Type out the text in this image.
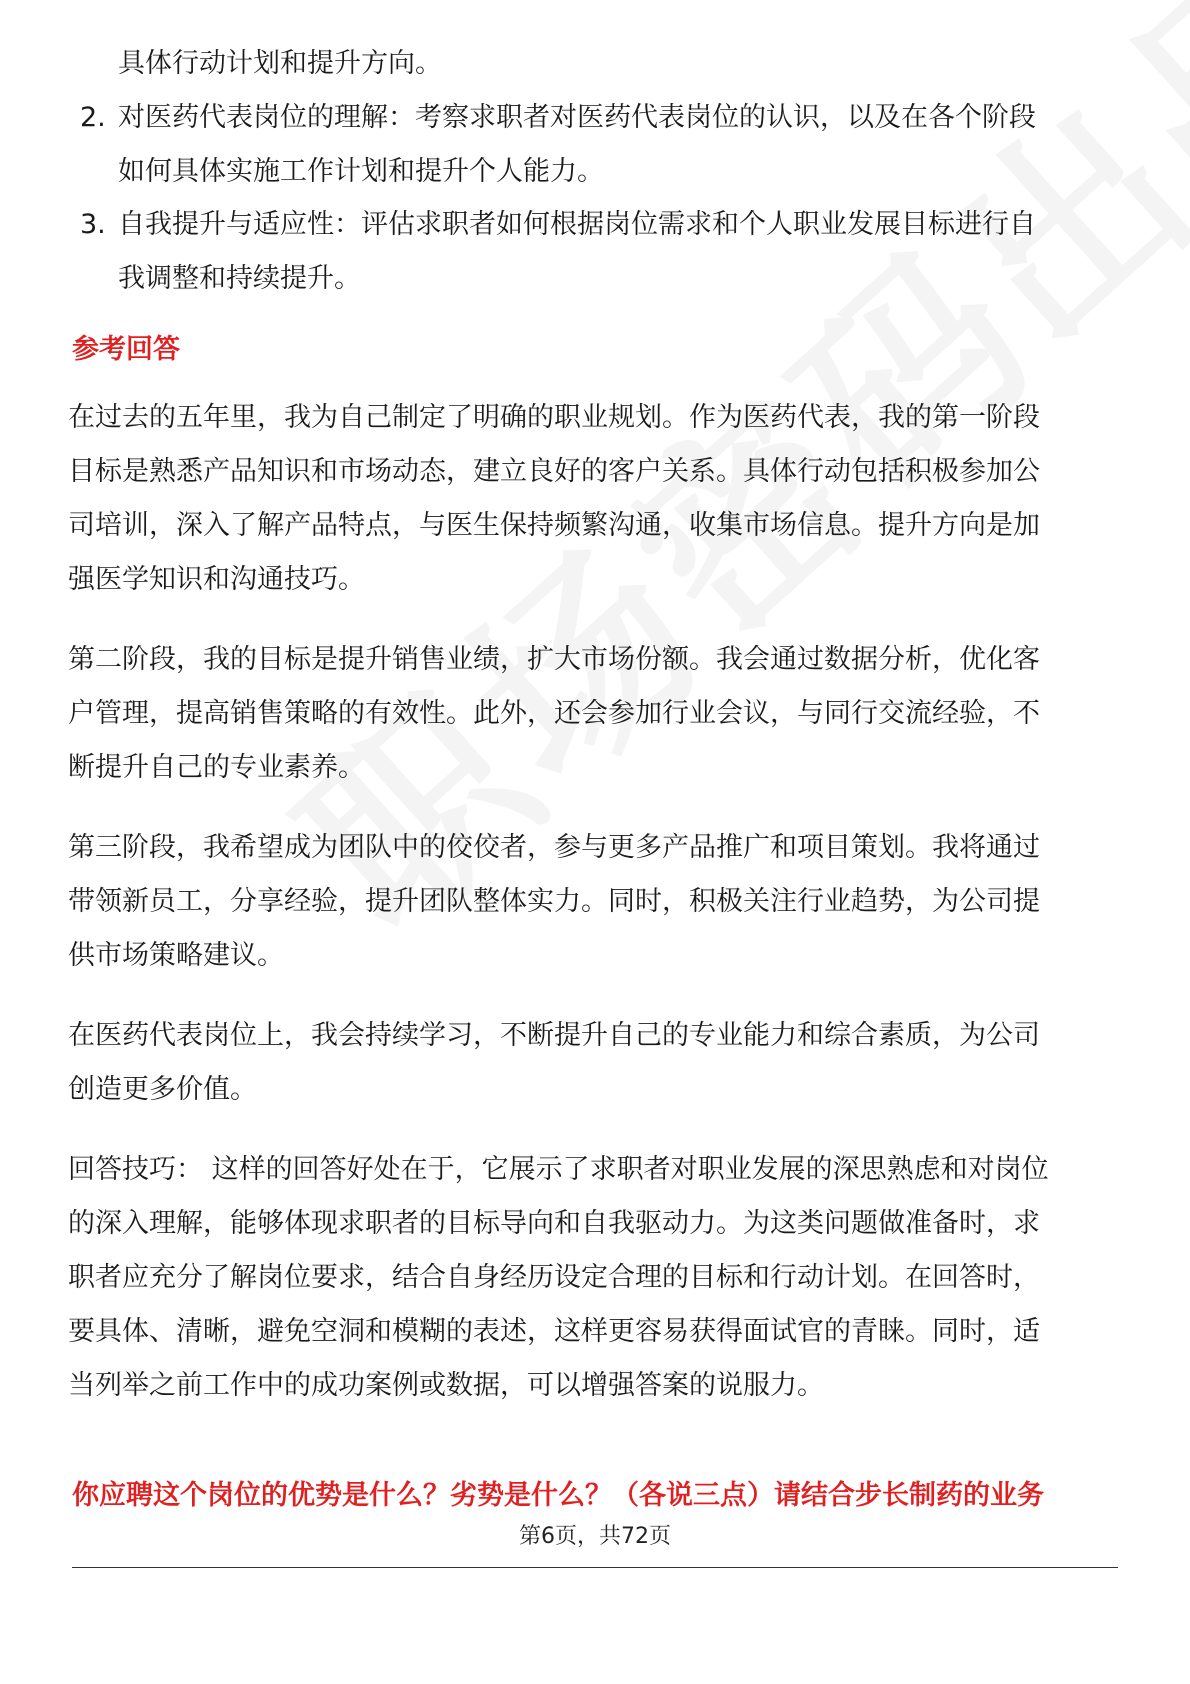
具体行动计划和提升方向。
2. 对医药代表岗位的理解：考察求职者对医药代表岗位的认识，以及在各个阶段
如何具体实施工作计划和提升个人能力。
3. 自我提升与适应性：评估求职者如何根据岗位需求和个人职业发展目标进行自
我调整和持续提升。
参考回答
在过去的五年里，我为自己制定了明确的职业规划。作为医药代表，我的第一阶段
目标是熟悉产品知识和市场动态，建立良好的客户关系。具体行动包括积极参加公
司培训，深入了解产品特点，与医生保持频繁沟通，收集市场信息。提升方向是加
强医学知识和沟通技巧。
第二阶段，我的目标是提升销售业绩，扩大市场份额。我会通过数据分析，优化客
户管理，提高销售策略的有效性。此外，还会参加行业会议，与同行交流经验，不
断提升自己的专业素养。
第三阶段，我希望成为团队中的佼佼者，参与更多产品推广和项目策划。我将通过
带领新员工，分享经验，提升团队整体实力。同时，积极关注行业趋势，为公司提
供市场策略建议。
在医药代表岗位上，我会持续学习，不断提升自己的专业能力和综合素质，为公司
创造更多价值。
回答技巧： 这样的回答好处在于，它展示了求职者对职业发展的深思熟虑和对岗位
的深入理解，能够体现求职者的目标导向和自我驱动力。为这类问题做准备时，求
职者应充分了解岗位要求，结合自身经历设定合理的目标和行动计划。在回答时，
要具体、清晰，避免空洞和模糊的表述，这样更容易获得面试官的青睐。同时，适
当列举之前工作中的成功案例或数据，可以增强答案的说服力。
你应聘这个岗位的优势是什么？劣势是什么？（各说三点）请结合步长制药的业务
第6页，共72页
